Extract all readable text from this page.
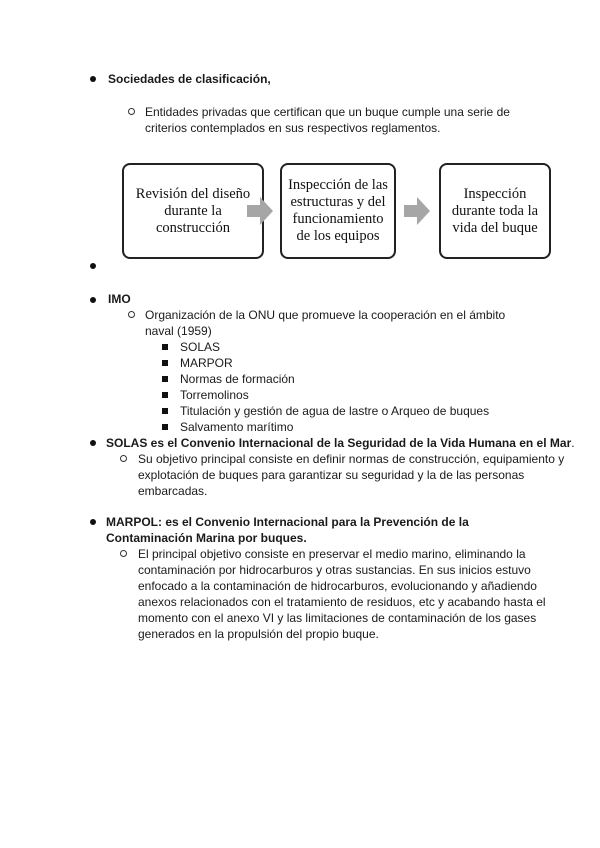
Sociedades de clasificación,
Entidades privadas que certifican que un buque cumple una serie de
criterios contemplados en sus respectivos reglamentos.
Revisión del diseño durante la construcción
Inspección de las estructuras y del funcionamiento de los equipos
Inspección durante toda la vida del buque
IMO
Organización de la ONU que promueve la cooperación en el ámbito
naval (1959)
SOLAS
MARPOR
Normas de formación
Torremolinos
Titulación y gestión de agua de lastre o Arqueo de buques
Salvamento marítimo
SOLAS es el Convenio Internacional de la Seguridad de la Vida Humana en el Mar.
Su objetivo principal consiste en definir normas de construcción, equipamiento y
explotación de buques para garantizar su seguridad y la de las personas
embarcadas.
MARPOL: es el Convenio Internacional para la Prevención de la
Contaminación Marina por buques.
El principal objetivo consiste en preservar el medio marino, eliminando la
contaminación por hidrocarburos y otras sustancias. En sus inicios estuvo
enfocado a la contaminación de hidrocarburos, evolucionando y añadiendo
anexos relacionados con el tratamiento de residuos, etc y acabando hasta el
momento con el anexo VI y las limitaciones de contaminación de los gases
generados en la propulsión del propio buque.
